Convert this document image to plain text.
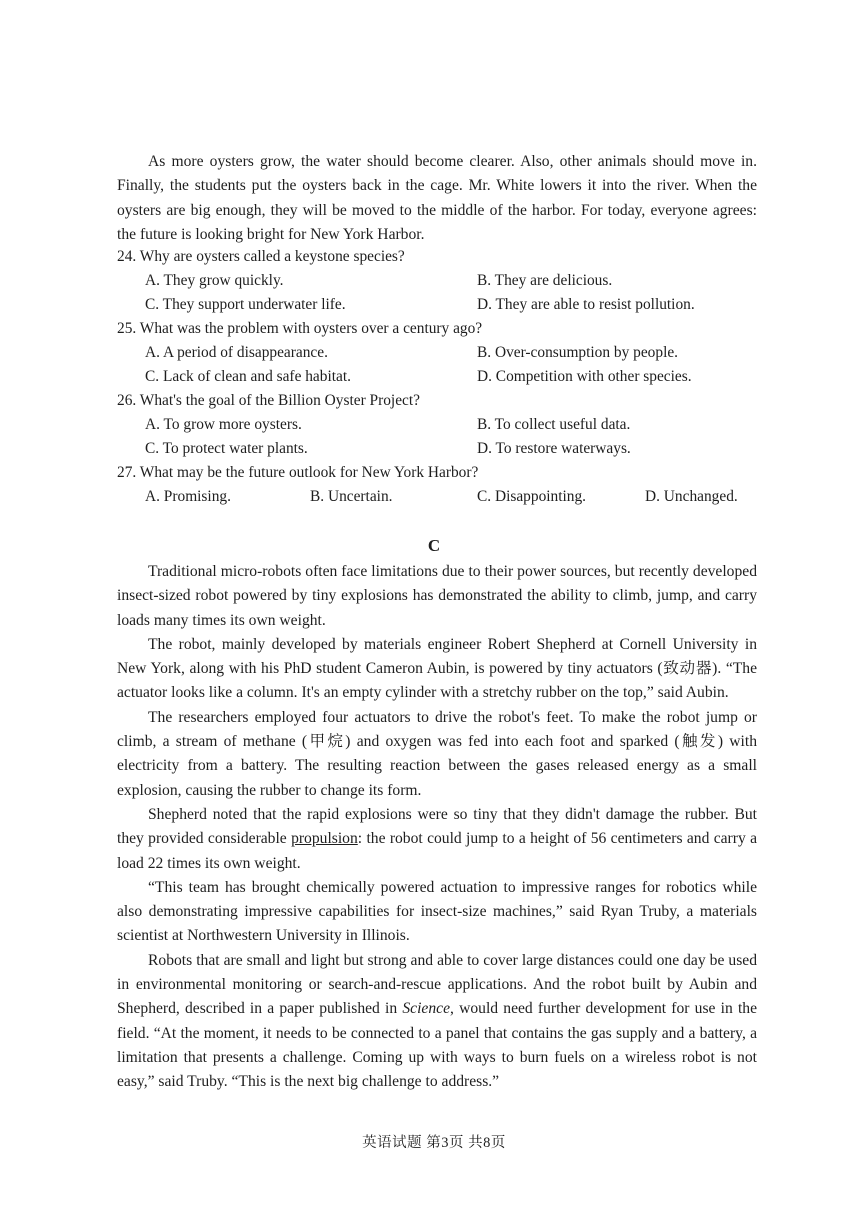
As more oysters grow, the water should become clearer. Also, other animals should move in. Finally, the students put the oysters back in the cage. Mr. White lowers it into the river. When the oysters are big enough, they will be moved to the middle of the harbor. For today, everyone agrees: the future is looking bright for New York Harbor.

24. Why are oysters called a keystone species?
A. They grow quickly.	B. They are delicious.
C. They support underwater life.	D. They are able to resist pollution.
25. What was the problem with oysters over a century ago?
A. A period of disappearance.	B. Over-consumption by people.
C. Lack of clean and safe habitat.	D. Competition with other species.
26. What's the goal of the Billion Oyster Project?
A. To grow more oysters.	B. To collect useful data.
C. To protect water plants.	D. To restore waterways.
27. What may be the future outlook for New York Harbor?
A. Promising.	B. Uncertain.	C. Disappointing.	D. Unchanged.
C

Traditional micro-robots often face limitations due to their power sources, but recently developed insect-sized robot powered by tiny explosions has demonstrated the ability to climb, jump, and carry loads many times its own weight.

The robot, mainly developed by materials engineer Robert Shepherd at Cornell University in New York, along with his PhD student Cameron Aubin, is powered by tiny actuators (致动器). “The actuator looks like a column. It's an empty cylinder with a stretchy rubber on the top,” said Aubin.

The researchers employed four actuators to drive the robot's feet. To make the robot jump or climb, a stream of methane (甲烷) and oxygen was fed into each foot and sparked (触发) with electricity from a battery. The resulting reaction between the gases released energy as a small explosion, causing the rubber to change its form.

Shepherd noted that the rapid explosions were so tiny that they didn't damage the rubber. But they provided considerable propulsion: the robot could jump to a height of 56 centimeters and carry a load 22 times its own weight.

“This team has brought chemically powered actuation to impressive ranges for robotics while also demonstrating impressive capabilities for insect-size machines,” said Ryan Truby, a materials scientist at Northwestern University in Illinois.

Robots that are small and light but strong and able to cover large distances could one day be used in environmental monitoring or search-and-rescue applications. And the robot built by Aubin and Shepherd, described in a paper published in Science, would need further development for use in the field. “At the moment, it needs to be connected to a panel that contains the gas supply and a battery, a limitation that presents a challenge. Coming up with ways to burn fuels on a wireless robot is not easy,” said Truby. “This is the next big challenge to address.”

英语试题 第3页 共8页
